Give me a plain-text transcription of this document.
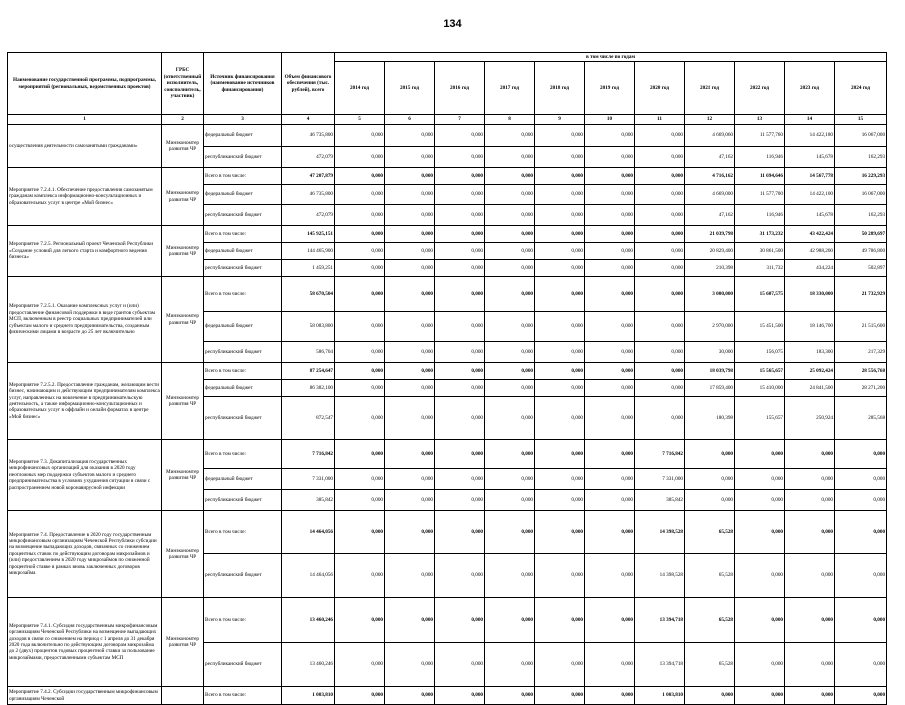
134
Наименование государственной программы, подпрограммы, мероприятий (региональных, ведомственных проектов)	ГРБС (ответственный исполнитель, соисполнитель, участник)	Источник финансирования (наименование источников финансирования)	Объем финансового обеспечения (тыс. рублей), всего	в том числе по годам										
				2014 год	2015 год	2016 год	2017 год	2018 год	2019 год	2020 год	2021 год	2022 год	2023 год	2024 год
1	2	3	4	5	6	7	8	9	10	11	12	13	14	15
осуществления деятельности самозанятыми гражданами»	Минэкономтер развития ЧР	федеральный бюджет	46 735,800	0,000	0,000	0,000	0,000	0,000	0,000	0,000	4 669,060	11 577,760	14 422,180	16 067,000
		республиканский бюджет	472,079	0,000	0,000	0,000	0,000	0,000	0,000	0,000	47,162	116,946	145,678	162,293
Мероприятие 7.2.4.1. Обеспечение предоставления самозанятым гражданам комплекса информационно-консультационных и образовательных услуг в центре «Мой бизнес»	Минэкономтер развития ЧР	Всего в том числе:	47 207,879	0,000	0,000	0,000	0,000	0,000	0,000	0,000	4 716,162	11 694,646	14 567,778	16 229,293
		федеральный бюджет	46 735,800	0,000	0,000	0,000	0,000	0,000	0,000	0,000	4 669,000	11 577,700	14 422,100	16 067,000
		республиканский бюджет	472,079	0,000	0,000	0,000	0,000	0,000	0,000	0,000	47,162	116,946	145,678	162,293
Мероприятие 7.2.5. Региональный проект Чеченской Республики «Создание условий для легкого старта и комфортного ведения бизнеса»	Минэкономтер развития ЧР	Всего в том числе:	145 925,151	0,000	0,000	0,000	0,000	0,000	0,000	0,000	21 039,798	31 173,232	43 422,424	50 289,697
		федеральный бюджет	144 465,900	0,000	0,000	0,000	0,000	0,000	0,000	0,000	20 829,400	30 861,500	42 988,200	49 786,800
		республиканский бюджет	1 459,251	0,000	0,000	0,000	0,000	0,000	0,000	0,000	210,398	311,732	434,224	502,897
Мероприятие 7.2.5.1. Оказание комплексных услуг и (или) предоставление финансовой поддержки в виде грантов субъектам МСП, включенным в реестр социальных предпринимателей или субъектам малого и среднего предпринимательства, созданным физическими лицами в возрасте до 25 лет включительно	Минэкономтер развития ЧР	Всего в том числе:	58 670,504	0,000	0,000	0,000	0,000	0,000	0,000	0,000	3 000,000	15 607,575	18 330,000	21 732,929
		федеральный бюджет	58 083,800	0,000	0,000	0,000	0,000	0,000	0,000	0,000	2 970,000	15 451,500	18 146,700	21 515,600
		республиканский бюджет	586,704	0,000	0,000	0,000	0,000	0,000	0,000	0,000	30,000	156,075	183,300	217,329
Мероприятие 7.2.5.2. Предоставление гражданам, желающим вести бизнес, начинающим и действующим предпринимателям комплекса услуг, направленных на вовлечение в предпринимательскую деятельность, а также информационно-консультационных и образовательных услуг в оффлайн и онлайн форматах в центре «Мой бизнес»	Минэкономтер развития ЧР	Всего в том числе:	87 254,647	0,000	0,000	0,000	0,000	0,000	0,000	0,000	18 039,798	15 565,657	25 092,424	28 556,768
		федеральный бюджет	86 382,100	0,000	0,000	0,000	0,000	0,000	0,000	0,000	17 859,400	15 410,000	24 841,500	28 271,200
		республиканский бюджет	872,547	0,000	0,000	0,000	0,000	0,000	0,000	0,000	180,398	155,657	250,924	285,568
Мероприятие 7.3. Докапитализация государственных микрофинансовых организаций для оказания в 2020 году неотложных мер поддержки субъектов малого и среднего предпринимательства в условиях ухудшения ситуации в связи с распространением новой коронавирусной инфекции	Минэкономтер развития ЧР	Всего в том числе:	7 716,842	0,000	0,000	0,000	0,000	0,000	0,000	7 716,842	0,000	0,000	0,000	0,000
		федеральный бюджет	7 331,000	0,000	0,000	0,000	0,000	0,000	0,000	7 331,000	0,000	0,000	0,000	0,000
		республиканский бюджет	385,842	0,000	0,000	0,000	0,000	0,000	0,000	385,842	0,000	0,000	0,000	0,000
Мероприятие 7.4. Предоставление в 2020 году государственным микрофинансовым организациям Чеченской Республики субсидии на возмещение выпадающих доходов, связанных со снижением процентных ставок по действующим договорам микрозаймов и (или) предоставлением в 2020 году микрозаймов по сниженной процентной ставке в рамках вновь заключенных договоров микрозайма	Минэкономтер развития ЧР	Всего в том числе:	14 464,056	0,000	0,000	0,000	0,000	0,000	0,000	14 398,528	65,528	0,000	0,000	0,000
		республиканский бюджет	14 464,056	0,000	0,000	0,000	0,000	0,000	0,000	14 398,528	65,528	0,000	0,000	0,000
Мероприятие 7.4.1. Субсидия государственным микрофинансовым организациям Чеченской Республики на возмещение выпадающих доходов в связи со снижением на период с 1 апреля до 31 декабря 2020 года включительно по действующим договорам микрозайма до 2 (двух) процентов годовых процентной ставки за пользование микрозаймами, предоставленными субъектам МСП	Минэкономтер развития ЧР	Всего в том числе:	13 460,246	0,000	0,000	0,000	0,000	0,000	0,000	13 394,718	65,528	0,000	0,000	0,000
		республиканский бюджет	13 460,246	0,000	0,000	0,000	0,000	0,000	0,000	13 394,718	65,528	0,000	0,000	0,000
Мероприятие 7.4.2. Субсидии государственным микрофинансовым организациям Чеченской		Всего в том числе:	1 003,810	0,000	0,000	0,000	0,000	0,000	0,000	1 003,810	0,000	0,000	0,000	0,000
